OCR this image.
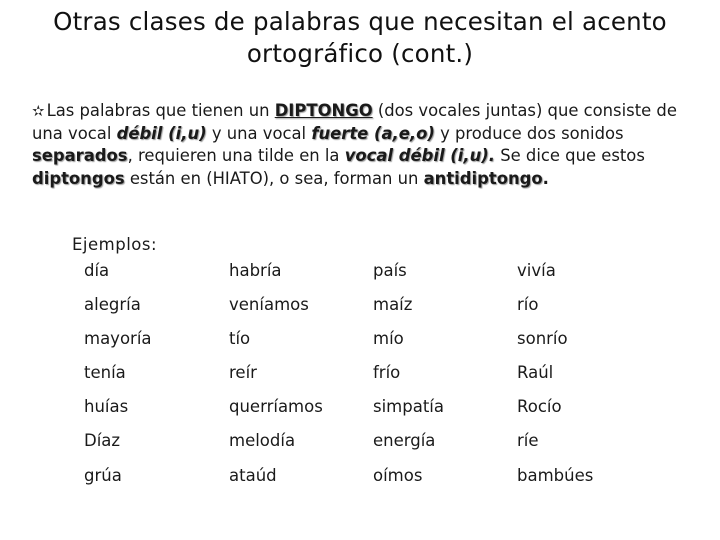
Otras clases de palabras que necesitan el acento
ortográfico (cont.)
✫ Las palabras que tienen un DIPTONGO (dos vocales juntas) que consiste de una vocal débil (i,u) y una vocal fuerte (a,e,o) y produce dos sonidos separados, requieren una tilde en la vocal débil (i,u). Se dice que estos diptongos están en (HIATO), o sea, forman un antidiptongo.
Ejemplos:
día	habría	país	vivía
alegría	veníamos	maíz	río
mayoría	tío	mío	sonrío
tenía	reír	frío	Raúl
huías	querríamos	simpatía	Rocío
Díaz	melodía	energía	ríe
grúa	ataúd	oímos	bambúes
